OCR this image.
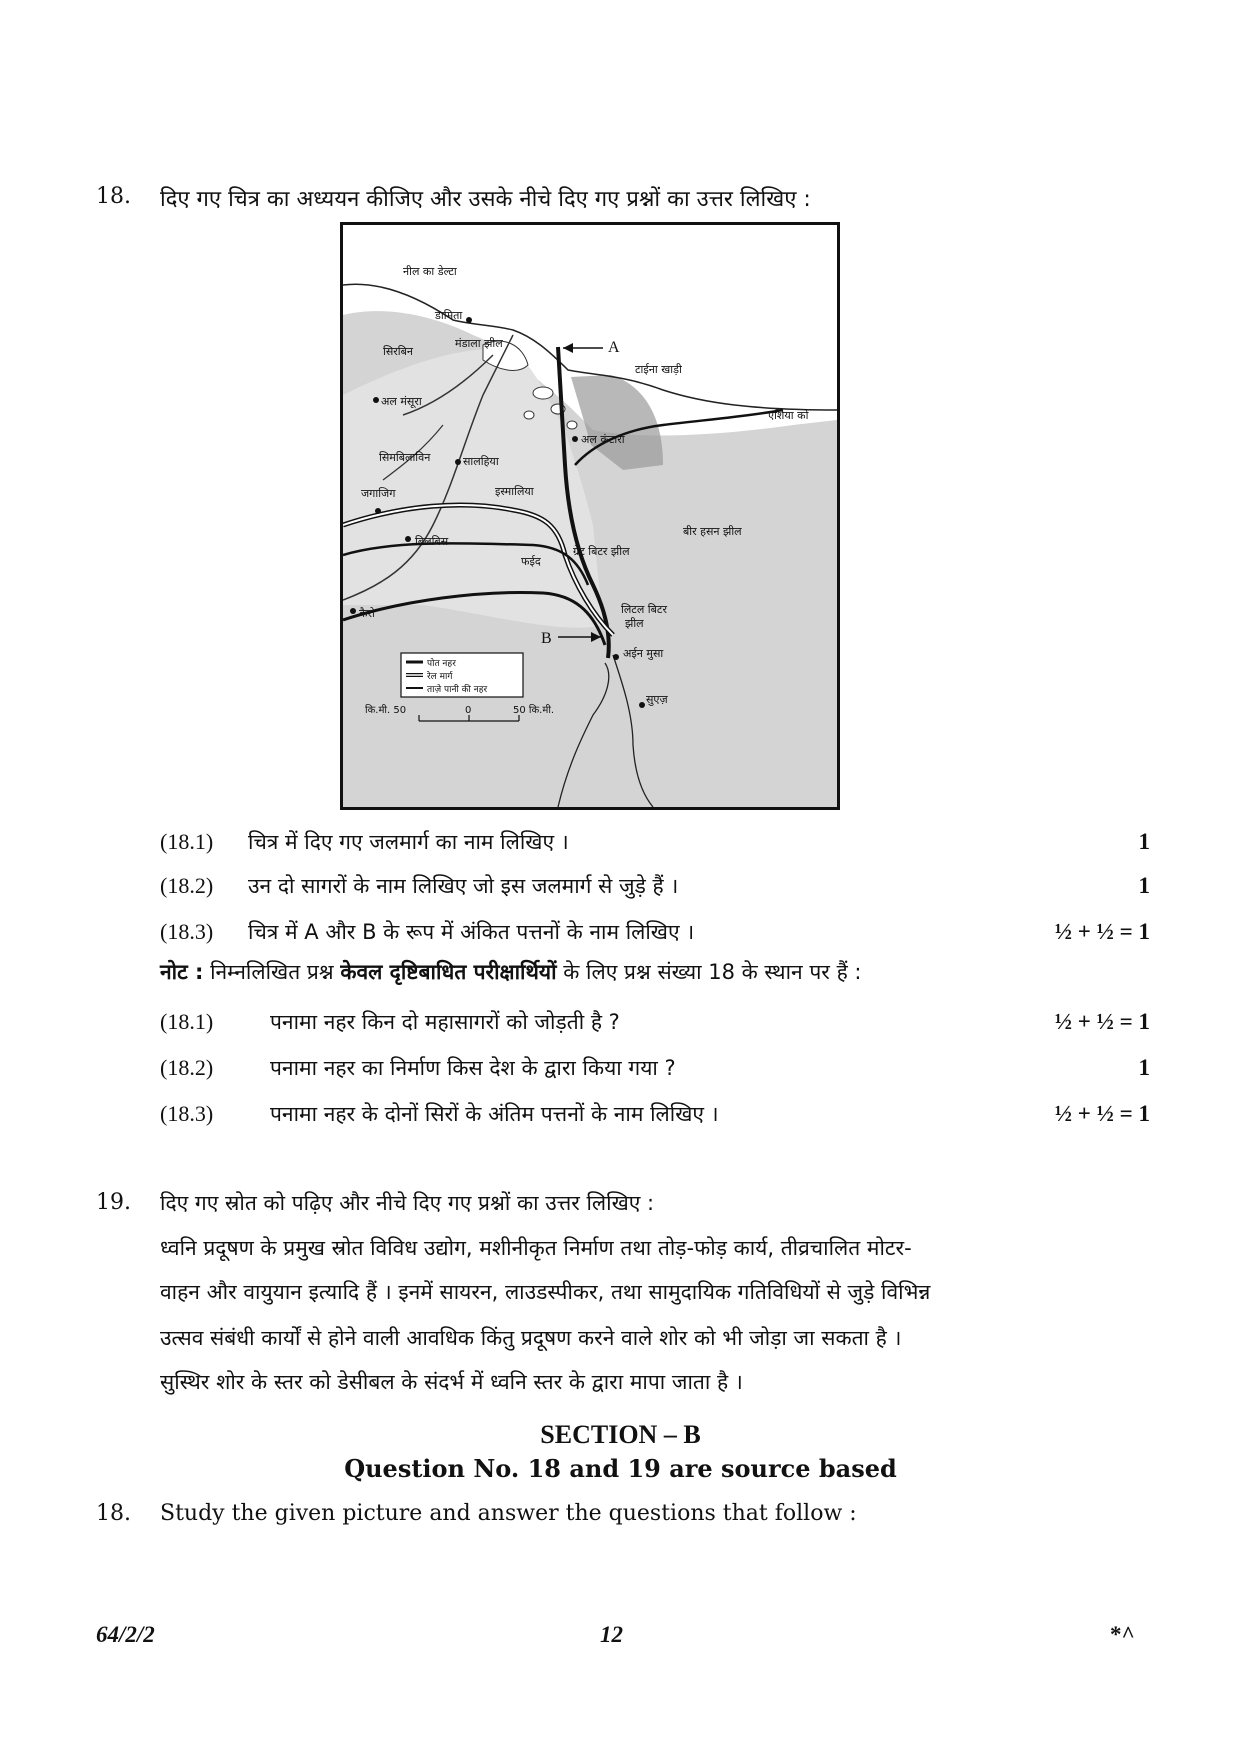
18. दिए गए चित्र का अध्ययन कीजिए और उसके नीचे दिए गए प्रश्नों का उत्तर लिखिए :
नील का डेल्टा
डामिता
मंडाला झील
सिरबिन
अल मंसूरा
टाईना खाड़ी
एशिया को
अल कंटारा
सिमबिलाविन	सालहिया
जगाजिग	इस्मालिया
बीर हसन झील
बिलबिस
फईद
ग्रेट बिटर झील
कैरो	लिटल बिटर
झील
अईन मुसा
सुएज़
A
B
पोत नहर
रेल मार्ग
ताज़े पानी की नहर
कि.मी. 50	0	50 कि.मी.
(18.1)	चित्र में दिए गए जलमार्ग का नाम लिखिए ।	1
(18.2)	उन दो सागरों के नाम लिखिए जो इस जलमार्ग से जुड़े हैं ।	1
(18.3)	चित्र में A और B के रूप में अंकित पत्तनों के नाम लिखिए ।	½ + ½ = 1
नोट : निम्नलिखित प्रश्न केवल दृष्टिबाधित परीक्षार्थियों के लिए प्रश्न संख्या 18 के स्थान पर हैं :
(18.1)	पनामा नहर किन दो महासागरों को जोड़ती है ?	½ + ½ = 1
(18.2)	पनामा नहर का निर्माण किस देश के द्वारा किया गया ?	1
(18.3)	पनामा नहर के दोनों सिरों के अंतिम पत्तनों के नाम लिखिए ।	½ + ½ = 1
19. दिए गए स्रोत को पढ़िए और नीचे दिए गए प्रश्नों का उत्तर लिखिए :
ध्वनि प्रदूषण के प्रमुख स्रोत विविध उद्योग, मशीनीकृत निर्माण तथा तोड़-फोड़ कार्य, तीव्रचालित मोटर-
वाहन और वायुयान इत्यादि हैं । इनमें सायरन, लाउडस्पीकर, तथा सामुदायिक गतिविधियों से जुड़े विभिन्न
उत्सव संबंधी कार्यों से होने वाली आवधिक किंतु प्रदूषण करने वाले शोर को भी जोड़ा जा सकता है ।
सुस्थिर शोर के स्तर को डेसीबल के संदर्भ में ध्वनि स्तर के द्वारा मापा जाता है ।
SECTION – B
Question No. 18 and 19 are source based
18. Study the given picture and answer the questions that follow :
64/2/2	12	*^
